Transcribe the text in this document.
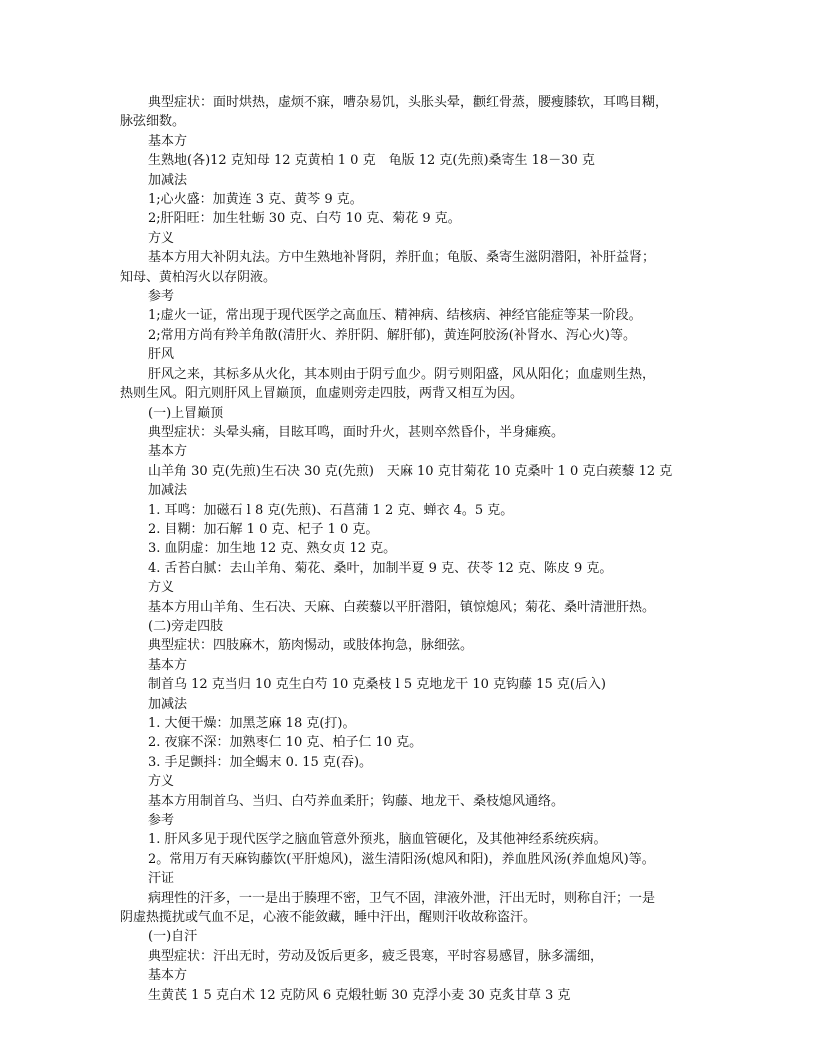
典型症状：面时烘热，虚烦不寐，嘈杂易饥，头胀头晕，颧红骨蒸，腰瘦膝软，耳鸣目糊，
脉弦细数。
基本方
生熟地(各)12 克知母 12 克黄柏 1 0 克　龟版 12 克(先煎)桑寄生 18－30 克
加减法
1;心火盛：加黄连 3 克、黄芩 9 克。
2;肝阳旺：加生牡蛎 30 克、白芍 10 克、菊花 9 克。
方义
基本方用大补阴丸法。方中生熟地补肾阴，养肝血；龟版、桑寄生滋阴潜阳，补肝益肾；
知母、黄柏泻火以存阴液。
参考
1;虚火一证，常出现于现代医学之高血压、精神病、结核病、神经官能症等某一阶段。
2;常用方尚有羚羊角散(清肝火、养肝阴、解肝郁)，黄连阿胶汤(补肾水、泻心火)等。
肝风
肝风之来，其标多从火化，其本则由于阴亏血少。阴亏则阳盛，风从阳化；血虚则生热，
热则生风。阳亢则肝风上冒巅顶，血虚则旁走四肢，两背又相互为因。
(一)上冒巅顶
典型症状：头晕头痛，目眩耳鸣，面时升火，甚则卒然昏仆，半身瘫痪。
基本方
山羊角 30 克(先煎)生石决 30 克(先煎)　天麻 10 克甘菊花 10 克桑叶 1 0 克白蒺藜 12 克
加减法
1. 耳鸣：加磁石 l 8 克(先煎)、石菖蒲 1 2 克、蝉衣 4。5 克。
2. 目糊：加石解 1 0 克、杞子 1 0 克。
3. 血阴虚：加生地 12 克、熟女贞 12 克。
4. 舌苔白腻：去山羊角、菊花、桑叶，加制半夏 9 克、茯苓 12 克、陈皮 9 克。
方义
基本方用山羊角、生石决、天麻、白蒺藜以平肝潜阳，镇惊熄风；菊花、桑叶清泄肝热。
(二)旁走四肢
典型症状：四肢麻木，筋肉惕动，或肢体拘急，脉细弦。
基本方
制首乌 12 克当归 10 克生白芍 10 克桑枝 l 5 克地龙干 10 克钩藤 15 克(后入)
加减法
1. 大便干燥：加黑芝麻 18 克(打)。
2. 夜寐不深：加熟枣仁 10 克、柏子仁 10 克。
3. 手足颤抖：加全蝎末 0. 15 克(吞)。
方义
基本方用制首乌、当归、白芍养血柔肝；钩藤、地龙干、桑枝熄风通络。
参考
1. 肝风多见于现代医学之脑血管意外预兆，脑血管硬化，及其他神经系统疾病。
2。常用万有天麻钩藤饮(平肝熄风)，滋生清阳汤(熄风和阳)，养血胜风汤(养血熄风)等。
汗证
病理性的汗多，一一是出于腠理不密，卫气不固，津液外泄，汗出无时，则称自汗；一是
阴虚热揽扰或气血不足，心液不能敛藏，睡中汗出，醒则汗收故称盗汗。
(一)自汗
典型症状：汗出无时，劳动及饭后更多，疲乏畏寒，平时容易感冒，脉多濡细，
基本方
生黄芪 1 5 克白术 12 克防风 6 克煅牡蛎 30 克浮小麦 30 克炙甘草 3 克
